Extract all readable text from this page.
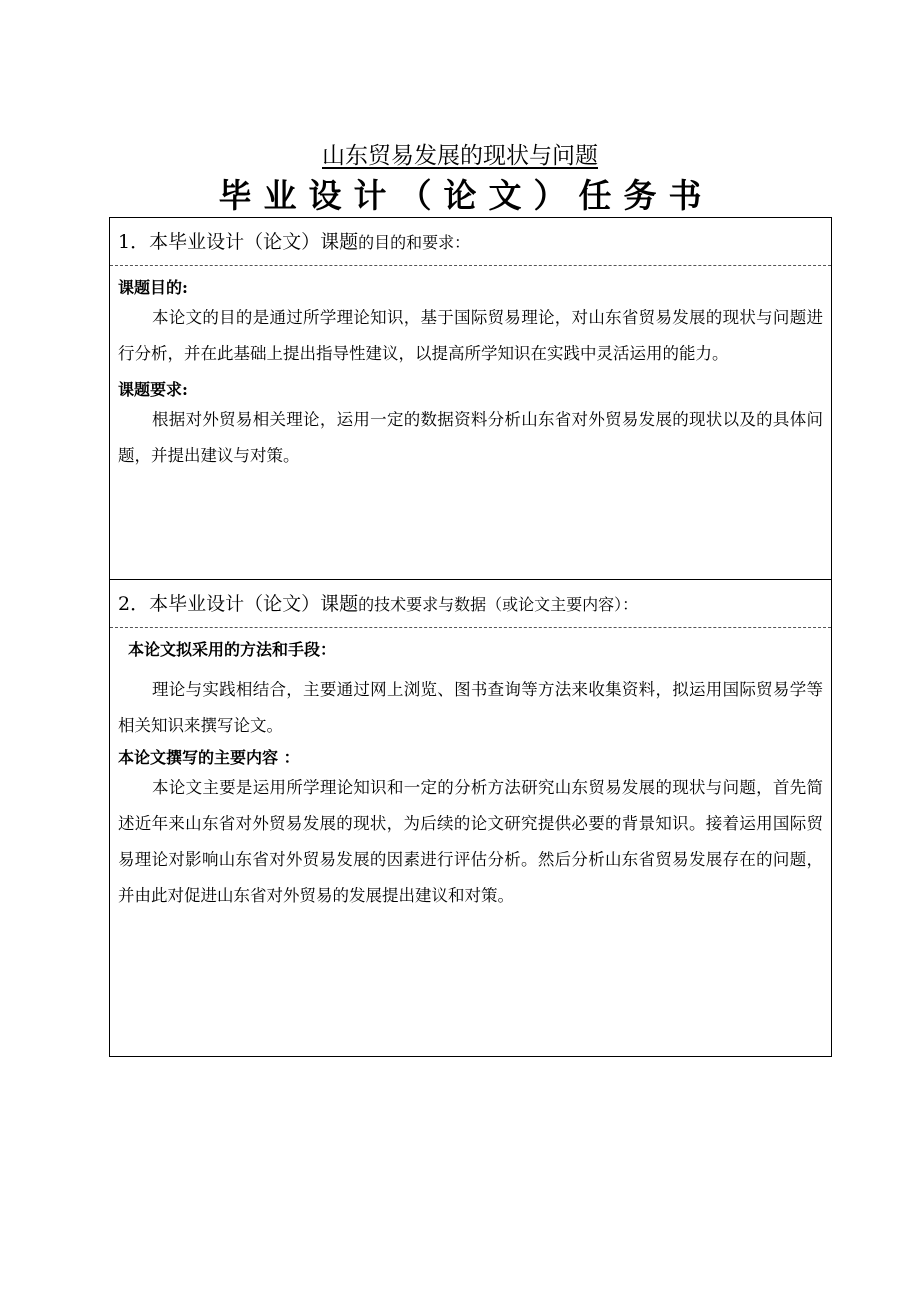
山东贸易发展的现状与问题
毕业设计（论文）任务书
1．本毕业设计（论文）课题的目的和要求：
课题目的:

本论文的目的是通过所学理论知识，基于国际贸易理论，对山东省贸易发展的现状与问题进行分析，并在此基础上提出指导性建议，以提高所学知识在实践中灵活运用的能力。

课题要求:

根据对外贸易相关理论，运用一定的数据资料分析山东省对外贸易发展的现状以及的具体问题，并提出建议与对策。

2．本毕业设计（论文）课题的技术要求与数据（或论文主要内容）：
本论文拟采用的方法和手段：

理论与实践相结合，主要通过网上浏览、图书查询等方法来收集资料，拟运用国际贸易学等相关知识来撰写论文。

本论文撰写的主要内容 ：

本论文主要是运用所学理论知识和一定的分析方法研究山东贸易发展的现状与问题，首先简述近年来山东省对外贸易发展的现状，为后续的论文研究提供必要的背景知识。接着运用国际贸易理论对影响山东省对外贸易发展的因素进行评估分析。然后分析山东省贸易发展存在的问题，并由此对促进山东省对外贸易的发展提出建议和对策。
